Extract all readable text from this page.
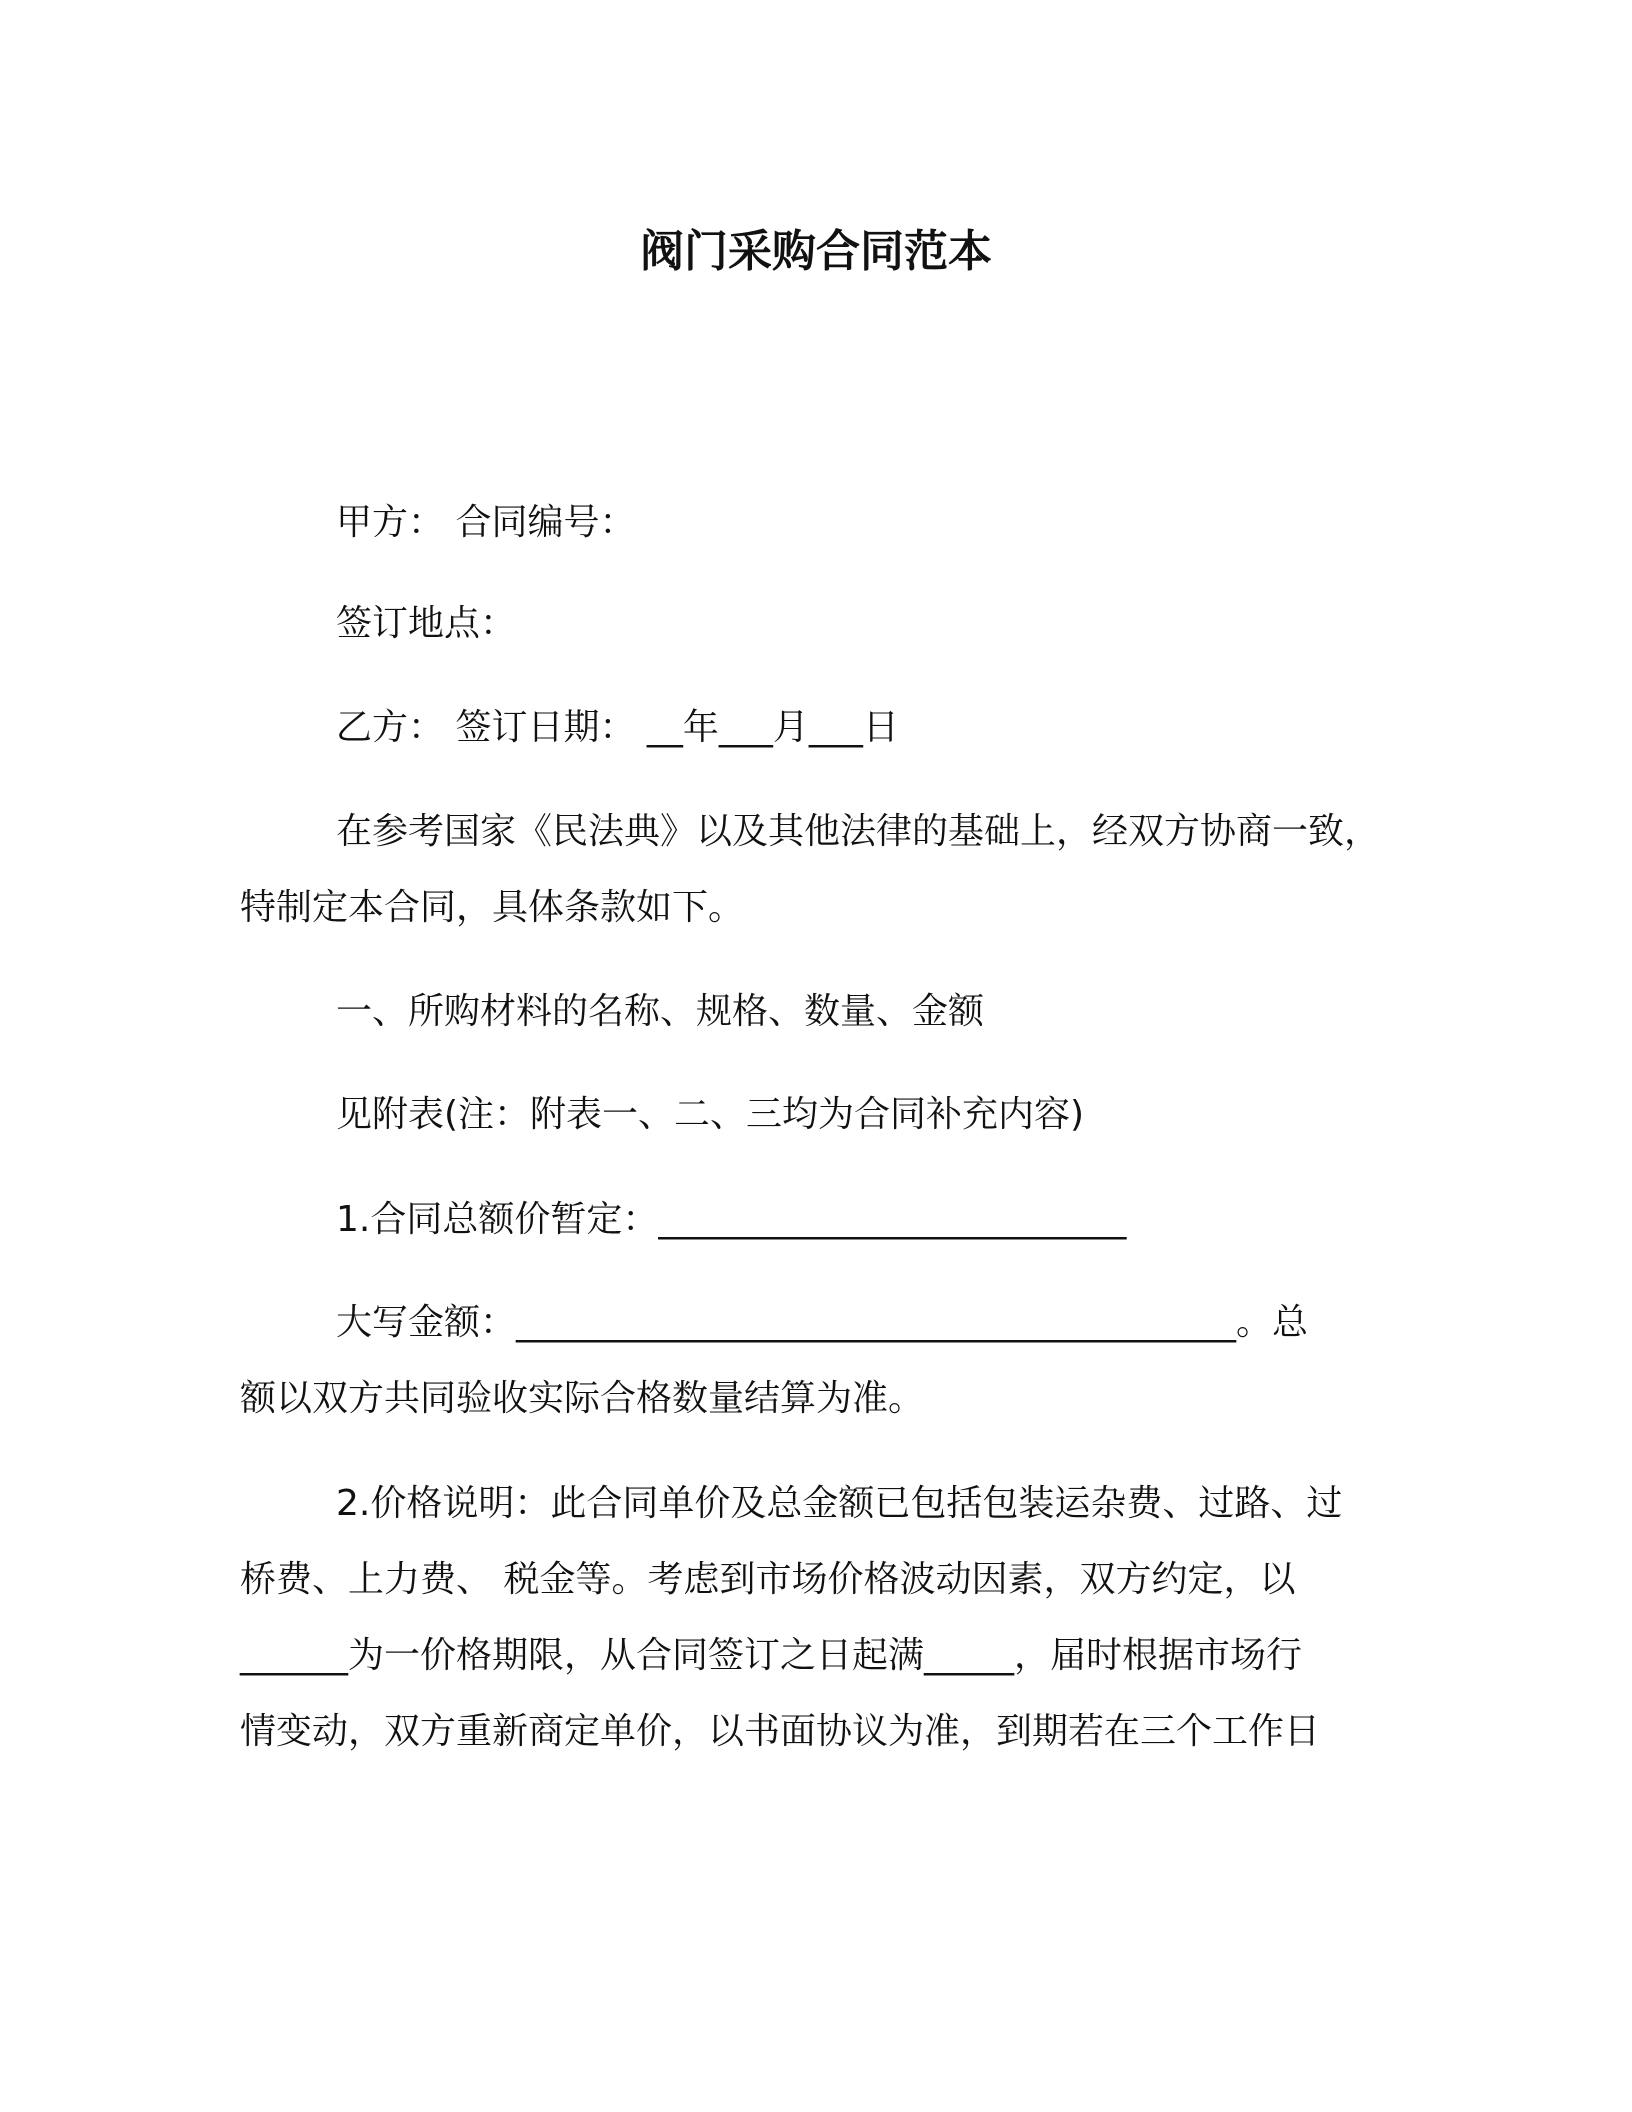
阀门采购合同范本
甲方： 合同编号：
签订地点：
乙方： 签订日期： __年___月___日
在参考国家《民法典》以及其他法律的基础上，经双方协商一致，
特制定本合同，具体条款如下。
一、所购材料的名称、规格、数量、金额
见附表(注：附表一、二、三均为合同补充内容)
1.合同总额价暂定：__________________________
大写金额：________________________________________。总
额以双方共同验收实际合格数量结算为准。
2.价格说明：此合同单价及总金额已包括包装运杂费、过路、过
桥费、上力费、 税金等。考虑到市场价格波动因素，双方约定，以
______为一价格期限，从合同签订之日起满_____，届时根据市场行
情变动，双方重新商定单价，以书面协议为准，到期若在三个工作日
